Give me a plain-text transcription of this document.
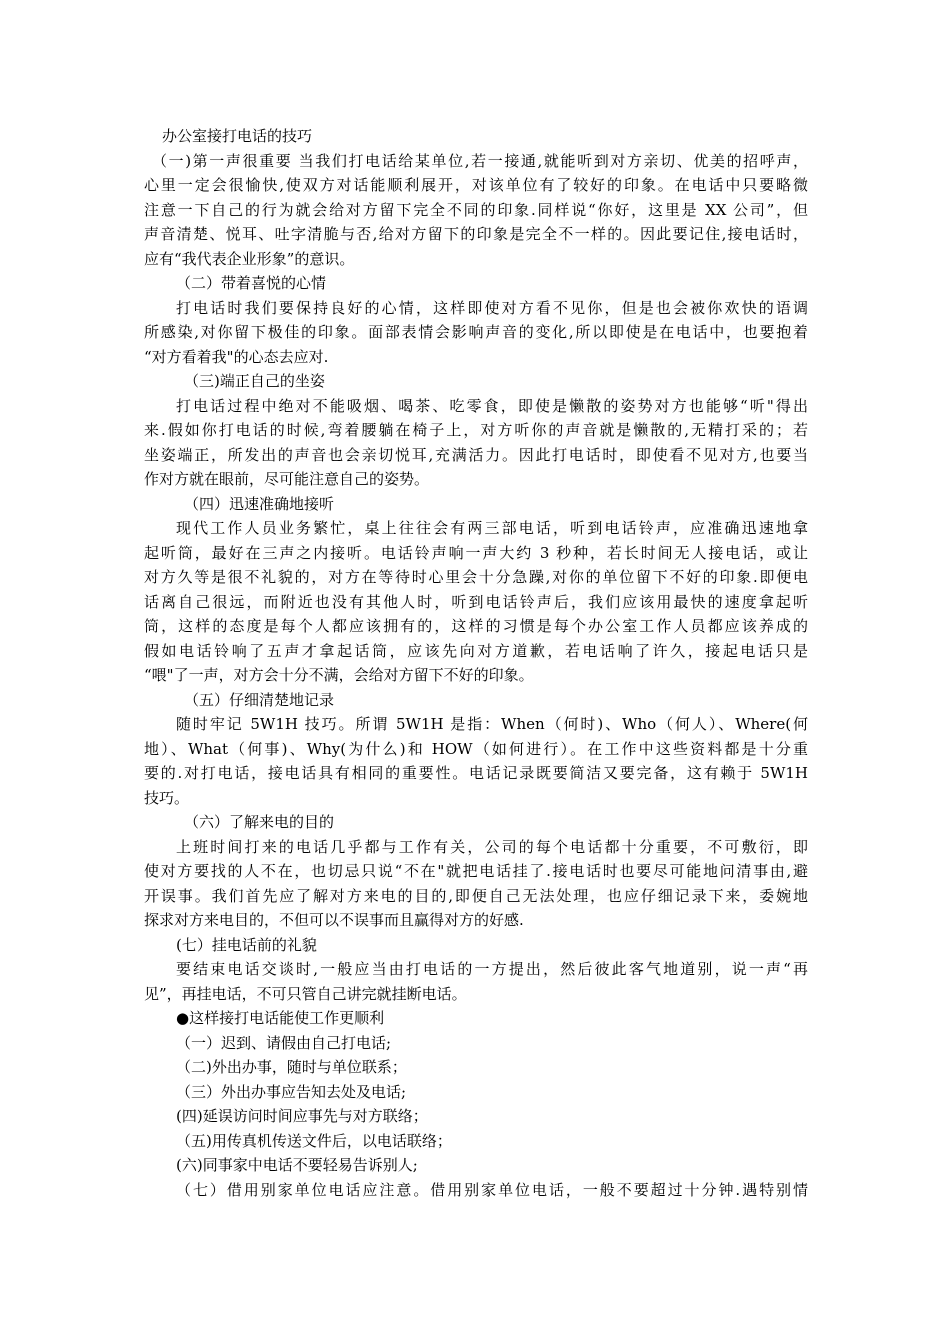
办公室接打电话的技巧

（一)第一声很重要 当我们打电话给某单位,若一接通,就能听到对方亲切、优美的招呼声，

心里一定会很愉快,使双方对话能顺利展开，对该单位有了较好的印象。在电话中只要略微

注意一下自己的行为就会给对方留下完全不同的印象.同样说“你好，这里是 XX 公司”，但

声音清楚、悦耳、吐字清脆与否,给对方留下的印象是完全不一样的。因此要记住,接电话时，

应有“我代表企业形象”的意识。

（二）带着喜悦的心情

打电话时我们要保持良好的心情，这样即使对方看不见你，但是也会被你欢快的语调

所感染,对你留下极佳的印象。面部表情会影响声音的变化,所以即使是在电话中，也要抱着

“对方看着我"的心态去应对.

（三)端正自己的坐姿

打电话过程中绝对不能吸烟、喝茶、吃零食，即使是懒散的姿势对方也能够“听"得出

来.假如你打电话的时候,弯着腰躺在椅子上，对方听你的声音就是懒散的,无精打采的；若

坐姿端正，所发出的声音也会亲切悦耳,充满活力。因此打电话时，即使看不见对方,也要当

作对方就在眼前，尽可能注意自己的姿势。

（四）迅速准确地接听

现代工作人员业务繁忙，桌上往往会有两三部电话，听到电话铃声，应准确迅速地拿

起听筒，最好在三声之内接听。电话铃声响一声大约 3 秒种，若长时间无人接电话，或让

对方久等是很不礼貌的，对方在等待时心里会十分急躁,对你的单位留下不好的印象.即便电

话离自己很远，而附近也没有其他人时，听到电话铃声后，我们应该用最快的速度拿起听

筒，这样的态度是每个人都应该拥有的，这样的习惯是每个办公室工作人员都应该养成的

假如电话铃响了五声才拿起话筒，应该先向对方道歉，若电话响了许久，接起电话只是

“喂"了一声，对方会十分不满，会给对方留下不好的印象。

（五）仔细清楚地记录

随时牢记 5W1H 技巧。所谓 5W1H 是指：When（何时)、Who（何人）、Where(何

地）、What（何事)、Why(为什么)和 HOW（如何进行）。在工作中这些资料都是十分重

要的.对打电话，接电话具有相同的重要性。电话记录既要简洁又要完备，这有赖于 5W1H

技巧。

（六）了解来电的目的

上班时间打来的电话几乎都与工作有关，公司的每个电话都十分重要，不可敷衍，即

使对方要找的人不在，也切忌只说“不在"就把电话挂了.接电话时也要尽可能地问清事由,避

开误事。我们首先应了解对方来电的目的,即便自己无法处理，也应仔细记录下来，委婉地

探求对方来电目的，不但可以不误事而且赢得对方的好感.

(七）挂电话前的礼貌

要结束电话交谈时,一般应当由打电话的一方提出，然后彼此客气地道别，说一声“再

见”，再挂电话，不可只管自己讲完就挂断电话。

●这样接打电话能使工作更顺利

（一）迟到、请假由自己打电话;

（二)外出办事，随时与单位联系；

（三）外出办事应告知去处及电话;

(四)延误访问时间应事先与对方联络；

（五)用传真机传送文件后，以电话联络；

(六)同事家中电话不要轻易告诉别人;

（七）借用别家单位电话应注意。借用别家单位电话，一般不要超过十分钟.遇特别情
